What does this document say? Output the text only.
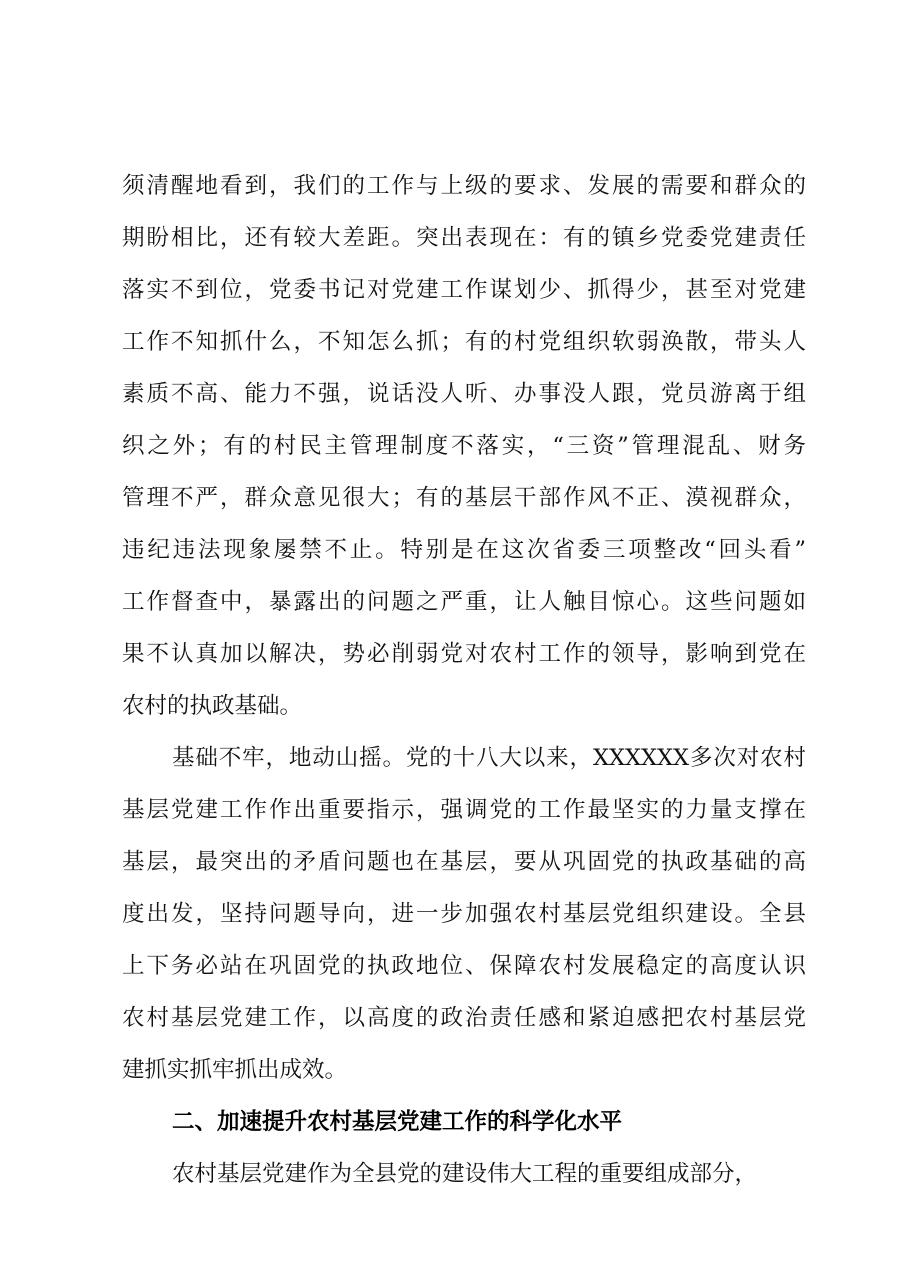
须清醒地看到，我们的工作与上级的要求、发展的需要和群众的
期盼相比，还有较大差距。突出表现在：有的镇乡党委党建责任
落实不到位，党委书记对党建工作谋划少、抓得少，甚至对党建
工作不知抓什么，不知怎么抓；有的村党组织软弱涣散，带头人
素质不高、能力不强，说话没人听、办事没人跟，党员游离于组
织之外；有的村民主管理制度不落实，“三资”管理混乱、财务
管理不严，群众意见很大；有的基层干部作风不正、漠视群众，
违纪违法现象屡禁不止。特别是在这次省委三项整改“回头看”
工作督查中，暴露出的问题之严重，让人触目惊心。这些问题如
果不认真加以解决，势必削弱党对农村工作的领导，影响到党在
农村的执政基础。
基础不牢，地动山摇。党的十八大以来，XXXXXX多次对农村
基层党建工作作出重要指示，强调党的工作最坚实的力量支撑在
基层，最突出的矛盾问题也在基层，要从巩固党的执政基础的高
度出发，坚持问题导向，进一步加强农村基层党组织建设。全县
上下务必站在巩固党的执政地位、保障农村发展稳定的高度认识
农村基层党建工作，以高度的政治责任感和紧迫感把农村基层党
建抓实抓牢抓出成效。
二、加速提升农村基层党建工作的科学化水平
农村基层党建作为全县党的建设伟大工程的重要组成部分，
